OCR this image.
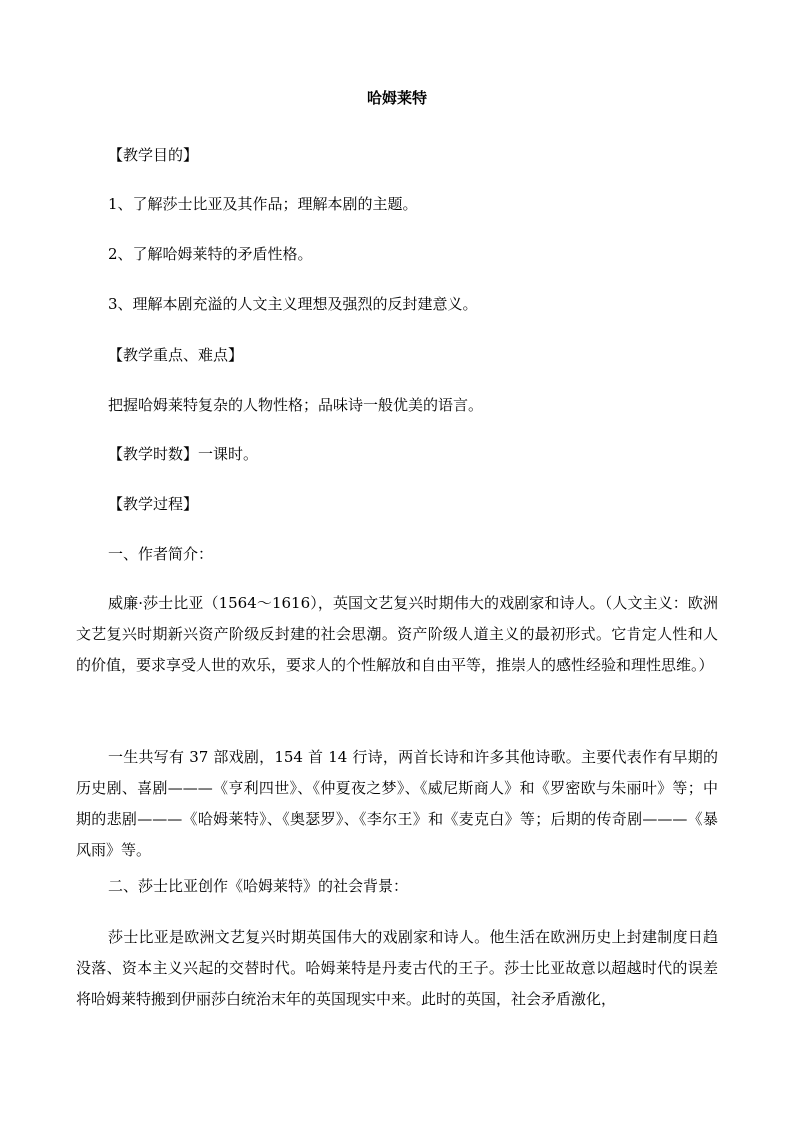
哈姆莱特
【教学目的】
1、了解莎士比亚及其作品；理解本剧的主题。
2、了解哈姆莱特的矛盾性格。
3、理解本剧充溢的人文主义理想及强烈的反封建意义。
【教学重点、难点】
把握哈姆莱特复杂的人物性格；品味诗一般优美的语言。
【教学时数】一课时。
【教学过程】
一、作者简介：
威廉·莎士比亚（1564～1616），英国文艺复兴时期伟大的戏剧家和诗人。（人文主义：欧洲文艺复兴时期新兴资产阶级反封建的社会思潮。资产阶级人道主义的最初形式。它肯定人性和人的价值，要求享受人世的欢乐，要求人的个性解放和自由平等，推崇人的感性经验和理性思维。）
一生共写有 37 部戏剧，154 首 14 行诗，两首长诗和许多其他诗歌。主要代表作有早期的历史剧、喜剧———《亨利四世》、《仲夏夜之梦》、《威尼斯商人》和《罗密欧与朱丽叶》等；中期的悲剧———《哈姆莱特》、《奥瑟罗》、《李尔王》和《麦克白》等；后期的传奇剧———《暴风雨》等。
二、莎士比亚创作《哈姆莱特》的社会背景：
莎士比亚是欧洲文艺复兴时期英国伟大的戏剧家和诗人。他生活在欧洲历史上封建制度日趋没落、资本主义兴起的交替时代。哈姆莱特是丹麦古代的王子。莎士比亚故意以超越时代的误差将哈姆莱特搬到伊丽莎白统治末年的英国现实中来。此时的英国，社会矛盾激化，
